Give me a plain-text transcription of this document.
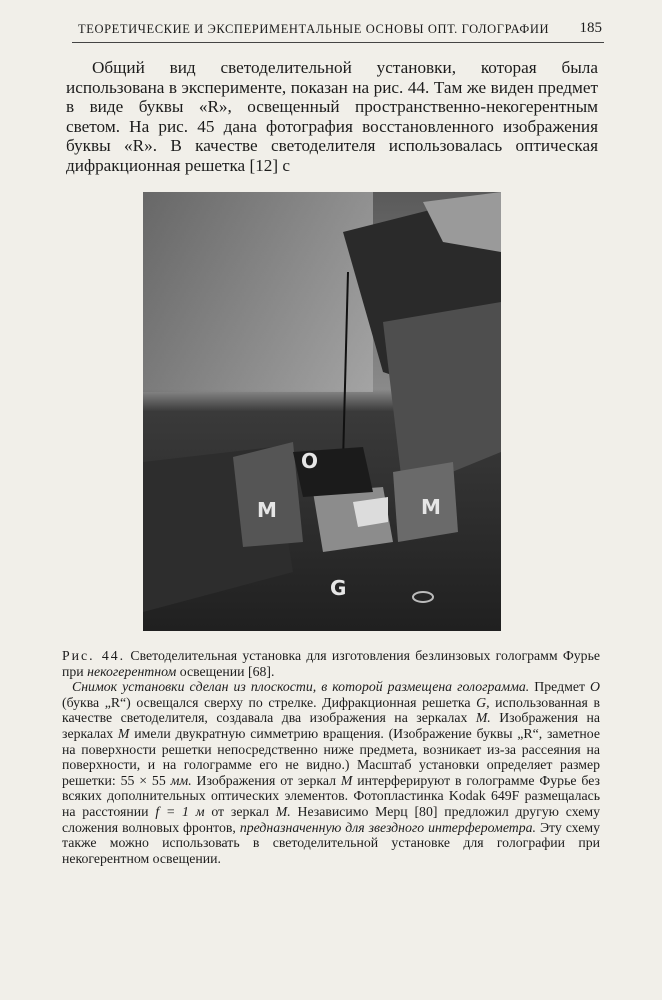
ТЕОРЕТИЧЕСКИЕ И ЭКСПЕРИМЕНТАЛЬНЫЕ ОСНОВЫ ОПТ. ГОЛОГРАФИИ 185

Общий вид светоделительной установки, которая была использована в эксперименте, показан на рис. 44. Там же виден предмет в виде буквы «R», освещенный пространственно-некогерентным светом. На рис. 45 дана фотография восстановленного изображения буквы «R». В качестве светоделителя использовалась оптическая дифракционная решетка [12] с

O
M	M
G

Рис. 44. Светоделительная установка для изготовления безлинзовых голограмм Фурье при некогерентном освещении [68].

Снимок установки сделан из плоскости, в которой размещена голограмма. Предмет O (буква „R“) освещался сверху по стрелке. Дифракционная решетка G, использованная в качестве светоделителя, создавала два изображения на зеркалах M. Изображения на зеркалах M имели двукратную симметрию вращения. (Изображение буквы „R“, заметное на поверхности решетки непосредственно ниже предмета, возникает из-за рассеяния на поверхности, и на голограмме его не видно.) Масштаб установки определяет размер решетки: 55 × 55 мм. Изображения от зеркал M интерферируют в голограмме Фурье без всяких дополнительных оптических элементов. Фотопластинка Kodak 649F размещалась на расстоянии f = 1 м от зеркал M. Независимо Мерц [80] предложил другую схему сложения волновых фронтов, предназначенную для звездного интерферометра. Эту схему также можно использовать в светоделительной установке для голографии при некогерентном освещении.
